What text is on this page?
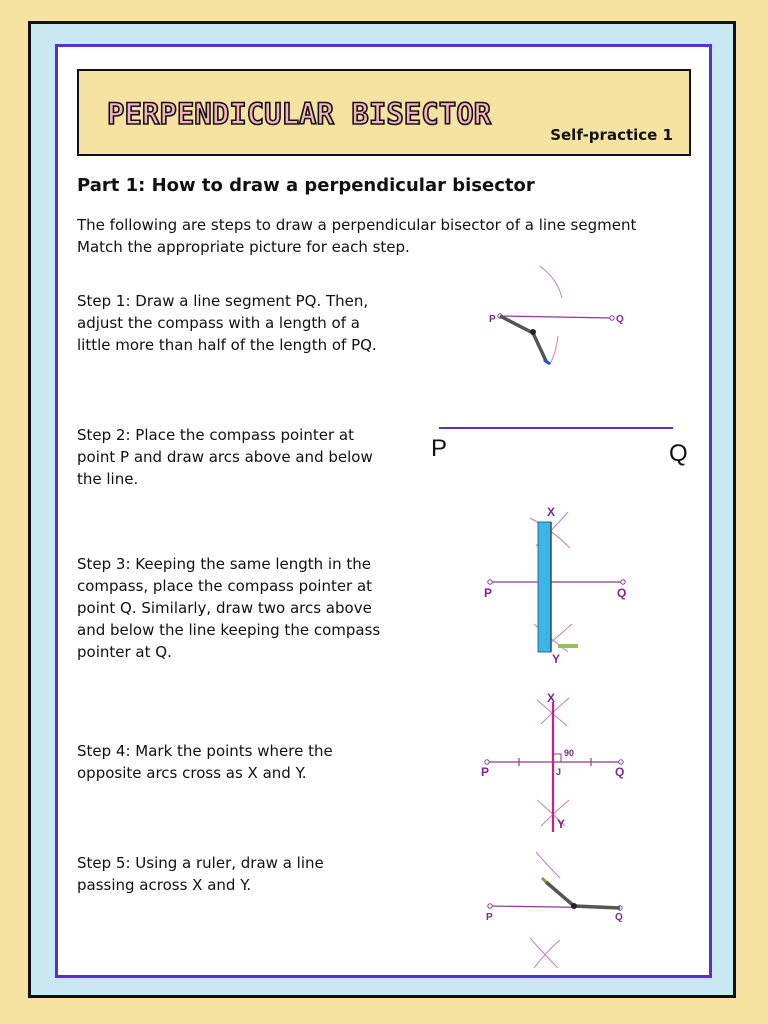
PERPENDICULAR BISECTOR
Self-practice 1
Part 1: How to draw a perpendicular bisector
The following are steps to draw a perpendicular bisector of a line segment
Match the appropriate picture for each step.
Step 1: Draw a line segment PQ. Then, adjust the compass with a length of a little more than half of the length of PQ.
Step 2: Place the compass pointer at point P and draw arcs above and below the line.
Step 3: Keeping the same length in the compass, place the compass pointer at point Q. Similarly, draw two arcs above and below the line keeping the compass pointer at Q.
Step 4: Mark the points where the opposite arcs cross as X and Y.
Step 5: Using a ruler, draw a line passing across X and Y.
P	Q
P	Q
X
P	Q
Y
X
90
J
P	Q
Y
P	Q
